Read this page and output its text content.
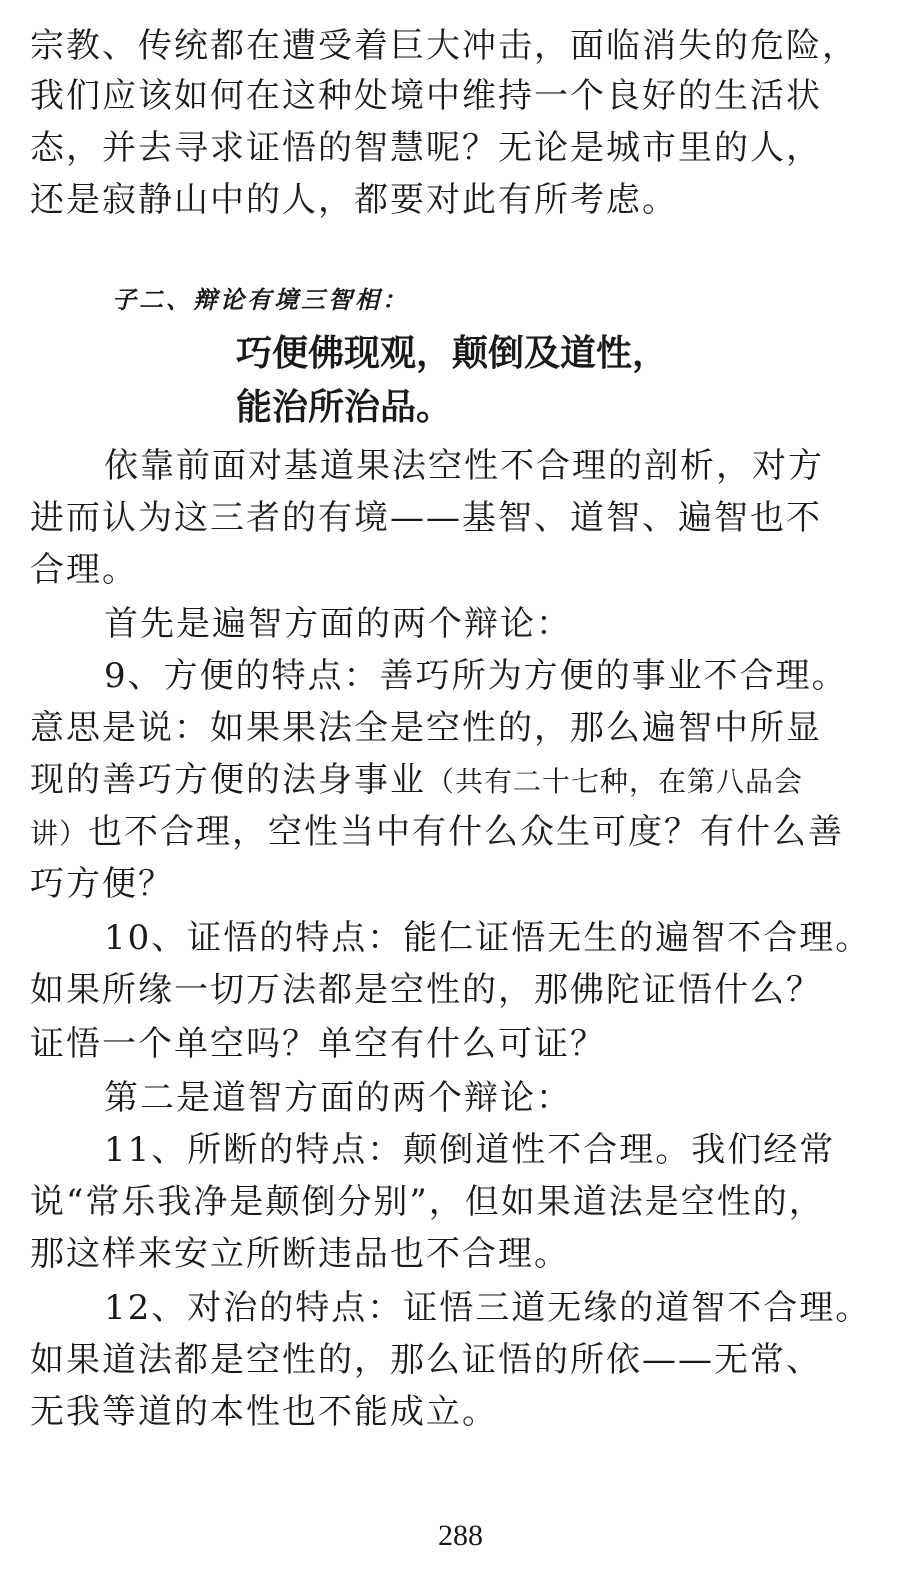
宗教、传统都在遭受着巨大冲击，面临消失的危险，
我们应该如何在这种处境中维持一个良好的生活状
态，并去寻求证悟的智慧呢？无论是城市里的人，
还是寂静山中的人，都要对此有所考虑。
子二、辩论有境三智相：
巧便佛现观，颠倒及道性，
能治所治品。
依靠前面对基道果法空性不合理的剖析，对方
进而认为这三者的有境——基智、道智、遍智也不
合理。
首先是遍智方面的两个辩论：
9、方便的特点：善巧所为方便的事业不合理。
意思是说：如果果法全是空性的，那么遍智中所显
现的善巧方便的法身事业（共有二十七种，在第八品会
讲）也不合理，空性当中有什么众生可度？有什么善
巧方便？
10、证悟的特点：能仁证悟无生的遍智不合理。
如果所缘一切万法都是空性的，那佛陀证悟什么？
证悟一个单空吗？单空有什么可证？
第二是道智方面的两个辩论：
11、所断的特点：颠倒道性不合理。我们经常
说“常乐我净是颠倒分别”，但如果道法是空性的，
那这样来安立所断违品也不合理。
12、对治的特点：证悟三道无缘的道智不合理。
如果道法都是空性的，那么证悟的所依——无常、
无我等道的本性也不能成立。
288
